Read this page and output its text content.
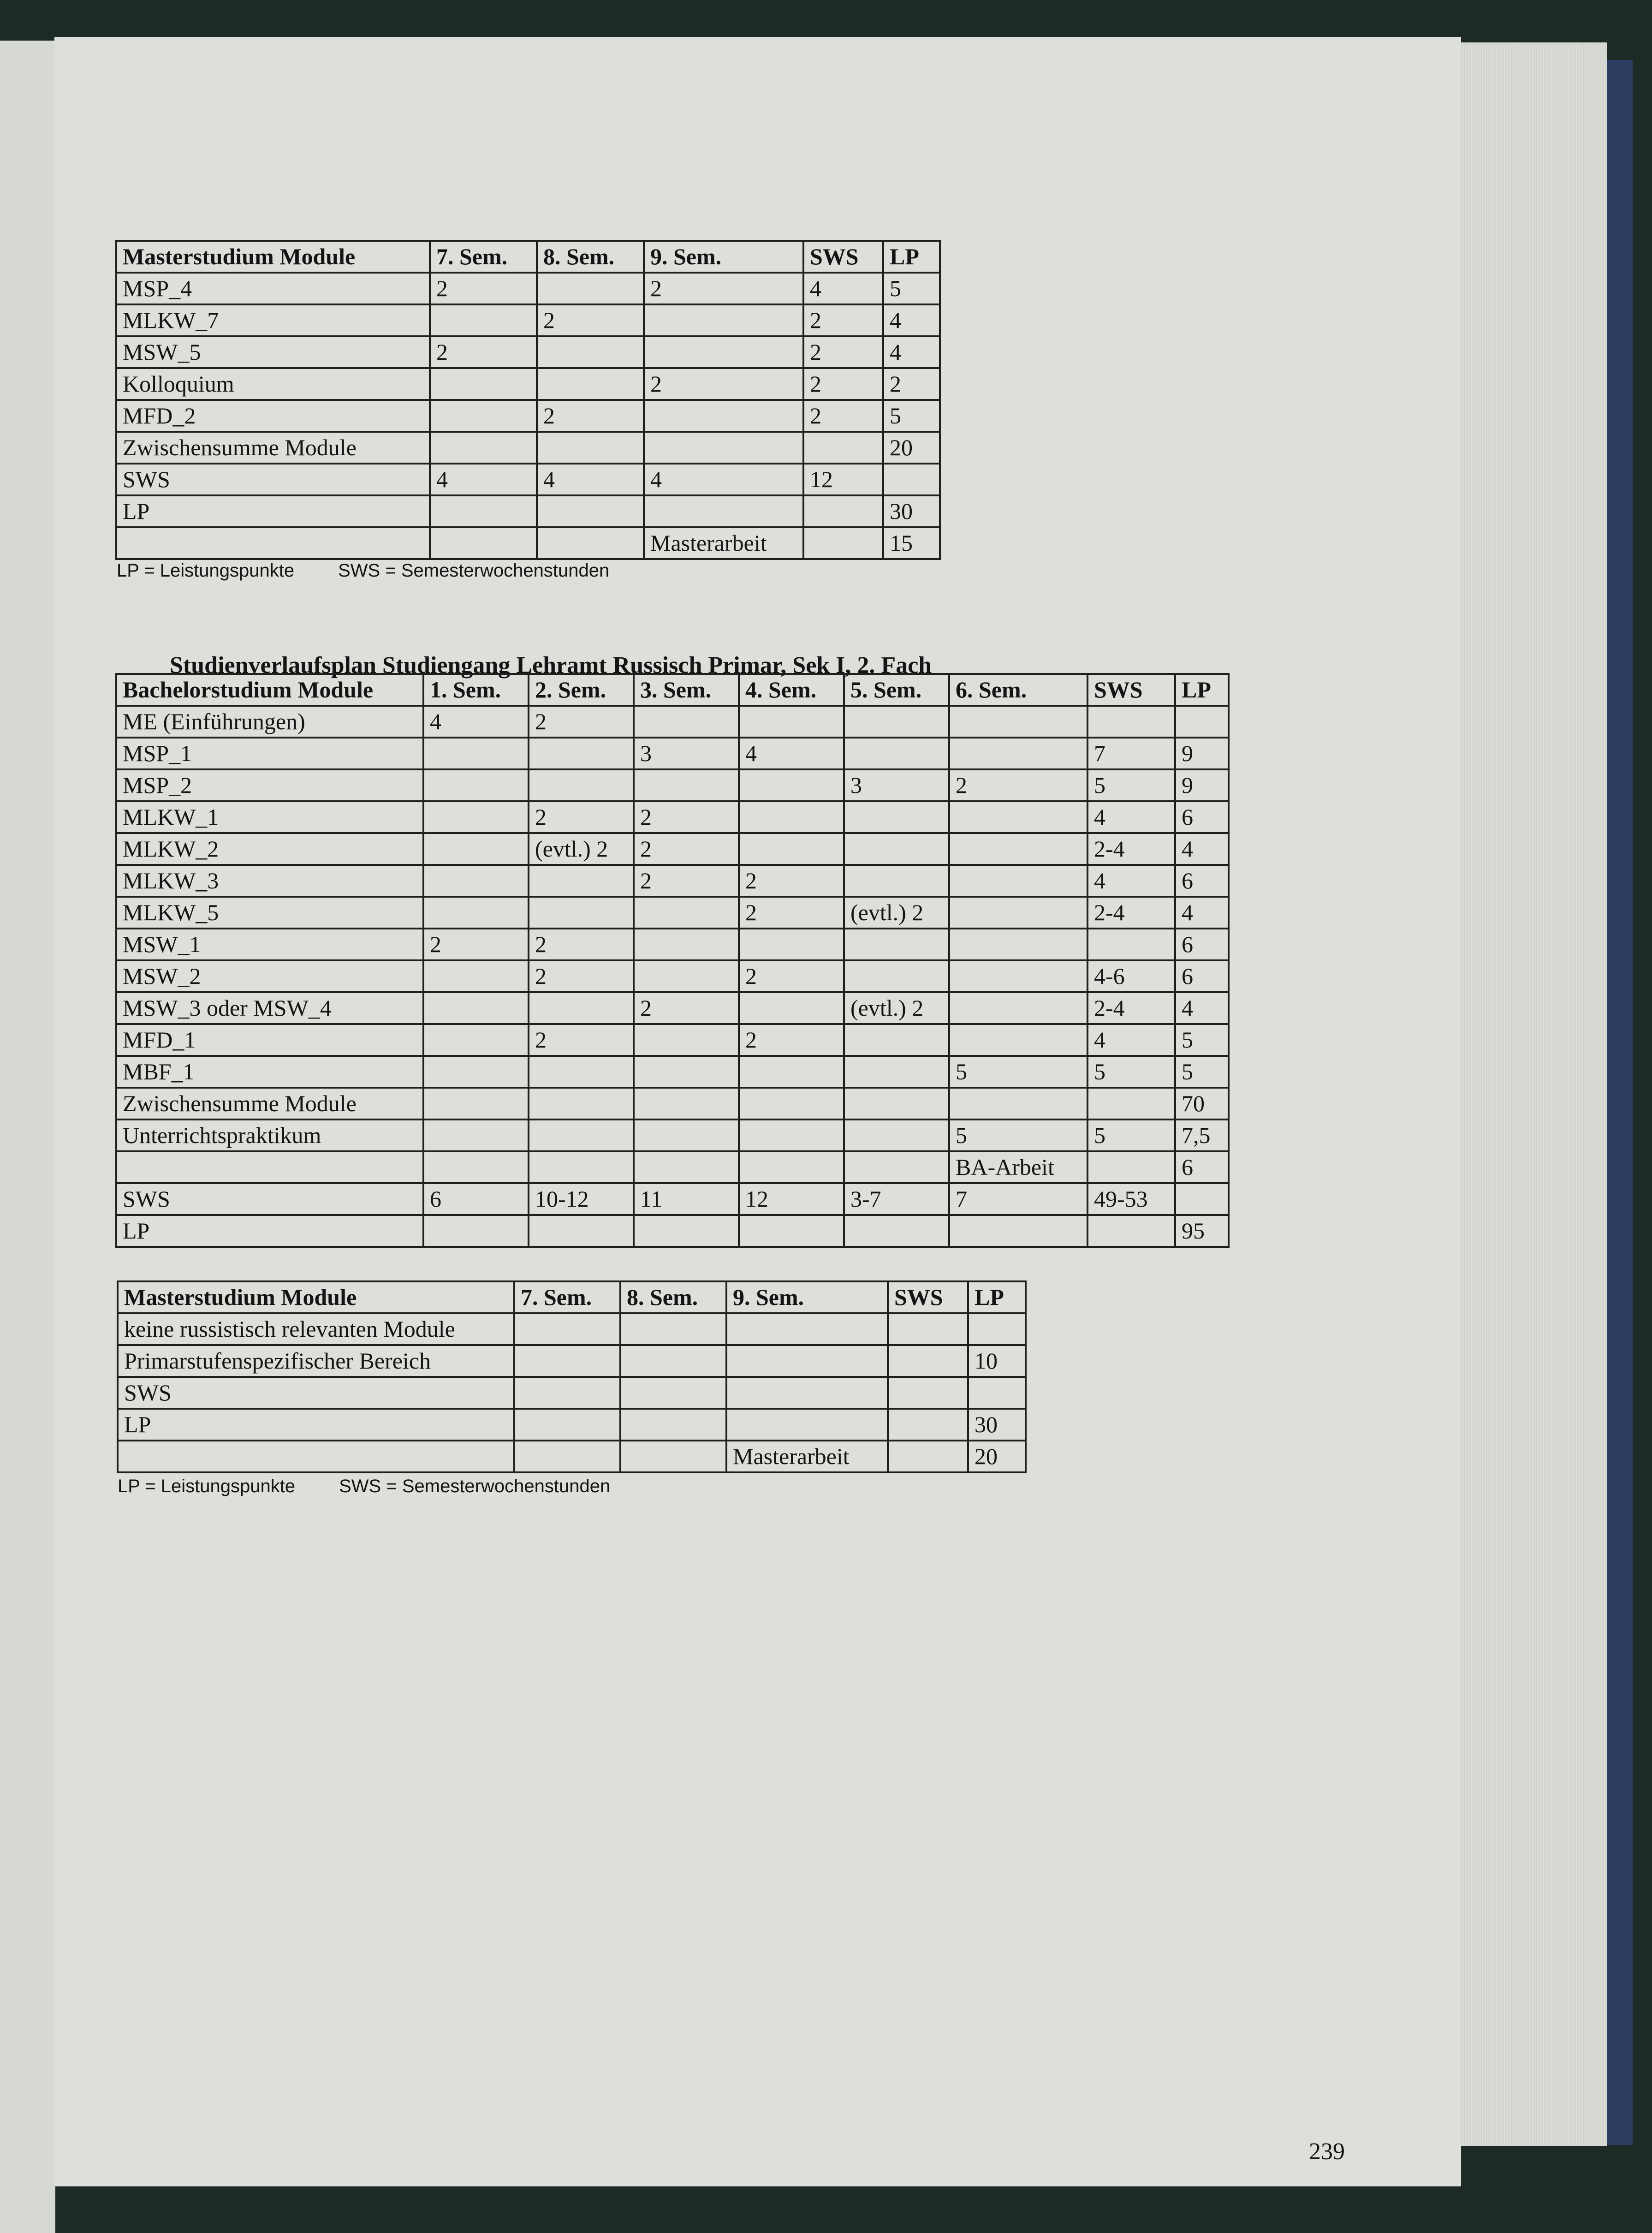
Masterstudium Module	7. Sem.	8. Sem.	9. Sem.	SWS	LP
MSP_4	2		2	4	5
MLKW_7		2		2	4
MSW_5	2			2	4
Kolloquium			2	2	2
MFD_2		2		2	5
Zwischensumme Module					20
SWS	4	4	4	12	
LP					30
			Masterarbeit		15
LP = Leistungspunkte SWS = Semesterwochenstunden
Studienverlaufsplan Studiengang Lehramt Russisch Primar, Sek I, 2. Fach
Bachelorstudium Module	1. Sem.	2. Sem.	3. Sem.	4. Sem.	5. Sem.	6. Sem.	SWS	LP
ME (Einführungen)	4	2						
MSP_1			3	4			7	9
MSP_2					3	2	5	9
MLKW_1		2	2				4	6
MLKW_2		(evtl.) 2	2				2-4	4
MLKW_3			2	2			4	6
MLKW_5				2	(evtl.) 2		2-4	4
MSW_1	2	2						6
MSW_2		2		2			4-6	6
MSW_3 oder MSW_4			2		(evtl.) 2		2-4	4
MFD_1		2		2			4	5
MBF_1						5	5	5
Zwischensumme Module								70
Unterrichtspraktikum						5	5	7,5
						BA-Arbeit		6
SWS	6	10-12	11	12	3-7	7	49-53	
LP								95
Masterstudium Module	7. Sem.	8. Sem.	9. Sem.	SWS	LP
keine russistisch relevanten Module					
Primarstufenspezifischer Bereich					10
SWS					
LP					30
			Masterarbeit		20
LP = Leistungspunkte SWS = Semesterwochenstunden
239
